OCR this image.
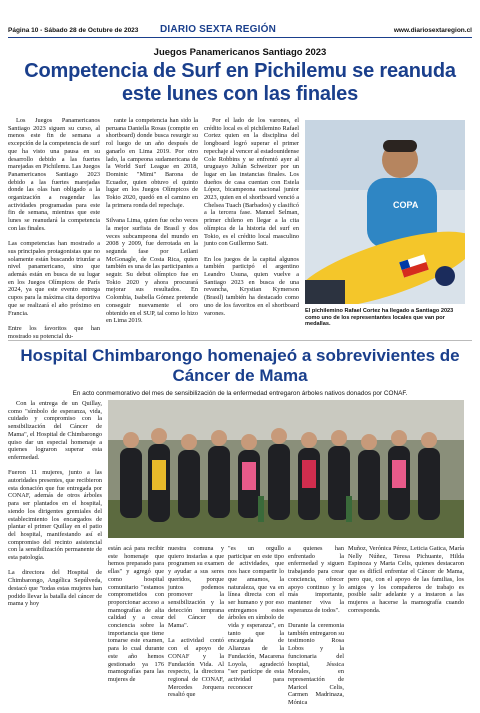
Página 10 - Sábado 28 de Octubre de 2023 DIARIO SEXTA REGIÓN	www.diariosextaregion.cl
Juegos Panamericanos Santiago 2023
Competencia de Surf en Pichilemu se reanuda este lunes con las finales

Los Juegos Panamericanos Santiago 2023 siguen su curso, al menos este fin de semana a excepción de la competencia de surf que ha visto una pausa en su desarrollo debido a las fuertes marejadas en Pichilemu. Las Juegos Panamericanos Santiago 2023 debido a las fuertes marejadas donde las olas han obligado a la organización a reagendar las actividades programadas para este fin de semana, mientras que este lunes se reanudará la competencia con las finales.

Las competencias han mostrado a sus principales protagonistas que no solamente están buscando triunfar a nivel panamericano, sino que además están en busca de su lugar en los Juegos Olímpicos de París 2024, ya que este evento entrega cupos para la máxima cita deportiva que se realizará el año próximo en Francia.

Entre los favoritos que han mostrado su potencial du-

rante la competencia han sido la peruana Daniella Rosas (compite en shortboard) donde busca resurgir su rol luego de un año después de ganarlo en Lima 2019. Por otro lado, la campeona sudamericana de la World Surf League en 2018, Dominic "Mimi" Barona de Ecuador, quien obtuvo el quinto lugar en los Juegos Olímpicos de Tokio 2020, quedó en el camino en la primera ronda del repechaje.

Silvana Lima, quien fue ocho veces la mejor surfista de Brasil y dos veces subcampeona del mundo en 2008 y 2009, fue derrotada en la segunda fase por Leilani McGonagle, de Costa Rica, quien también es una de las participantes a seguir. Su debut olímpico fue en Tokio 2020 y ahora procurará mejorar sus resultados. En Colombia, Isabella Gómez pretende conseguir nuevamente el oro obtenido en el SUP, tal como lo hizo en Lima 2019.

Por el lado de los varones, el crédito local es el pichilemino Rafael Cortez quien en la disciplina del longboard logró superar el primer repechaje al vencer al estadounidense Cole Robbins y se enfrentó ayer al uruguayo Julián Schweizer por un lugar en las instancias finales. Los dueños de casa cuentan con Estela López, bicampeona nacional junior 2023, quien en el shortboard venció a Chelsea Tuach (Barbados) y clasificó a la tercera fase. Manuel Selman, primer chileno en llegar a la cita olímpica de la historia del surf en Tokio, es el crédito local masculino junto con Guillermo Satt.

En los juegos de la capital algunos también participó el argentino Leandro Usuna, quien vuelve a Santiago 2023 en busca de una revancha, Krystian Kymerson (Brasil) también ha destacado como uno de los favoritos en el shortboard varones.

COPA
El pichilemino Rafael Cortez ha llegado a Santiago 2023 como uno de los representantes locales que van por medallas.
Hospital Chimbarongo homenajeó a sobrevivientes de Cáncer de Mama
En acto conmemorativo del mes de sensibilización de la enfermedad entregaron árboles nativos donados por CONAF.

Con la entrega de un Quillay, como "símbolo de esperanza, vida, cuidado y compromiso con la sensibilización del Cáncer de Mama", el Hospital de Chimbarongo quiso dar un especial homenaje a quienes lograron superar esta enfermedad.

Fueron 11 mujeres, junto a las autoridades presentes, que recibieron esta donación que fue entregada por CONAF, además de otros árboles para ser plantados en el hospital, siendo los dirigentes gremiales del establecimiento los encargados de plantar el primer Quillay en el patio del hospital, manifestando así el compromiso del recinto asistencial con la sensibilización permanente de esta patología.

La directora del Hospital de Chimbarongo, Angélica Sepúlveda, destacó que "todas estas mujeres han podido llevar la batalla del cáncer de mama y hoy

están acá para recibir este homenaje que hemos preparado para ellas" y agregó que como hospital comunitario "estamos comprometidos con proporcionar acceso a mamografías de alta calidad y a crear conciencia sobre la importancia que tiene tomarse este examen, para lo cual durante este año hemos gestionado ya 176 mamografías para las mujeres de

nuestra comuna y quiero instarlas a que programen su examen y ayudar a sus seres queridos, porque juntos podemos promover la sensibilización y la detección temprana del Cáncer de Mama".

La actividad contó con el apoyo de CONAF y la Fundación Vida. Al respecto, la directora regional de CONAF, Mercedes Jorquera resaltó que

"es un orgullo participar en este tipo de actividades, que nos hace compartir lo que amamos, la naturaleza, que va en línea directa con el ser humano y por eso entregamos estos árboles en símbolo de vida y esperanza", en tanto que la encargada de Alianzas de la Fundación, Macarena Loyola, agradeció "ser partícipe de esta actividad para reconocer

a quienes han enfrentado la enfermedad y siguen trabajando para crear conciencia, ofrecer apoyo continuo y lo más importante, mantener viva la esperanza de todos".

Durante la ceremonia también entregaron su testimonio Rosa Lobos y la funcionaria del hospital, Jéssica Morales, en representación de Maricel Celis, Carmen Madrinaza, Mónica

Muñoz, Verónica Pérez, Leticia Gatica, María Nelly Núñez, Teresa Pichuante, Hilda Espinoza y Marta Celis, quienes destacaron que es difícil enfrentar el Cáncer de Mama, pero que, con el apoyo de las familias, los amigos y los compañeros de trabajo es posible salir adelante y a instaron a las mujeres a hacerse la mamografía cuando corresponda.
